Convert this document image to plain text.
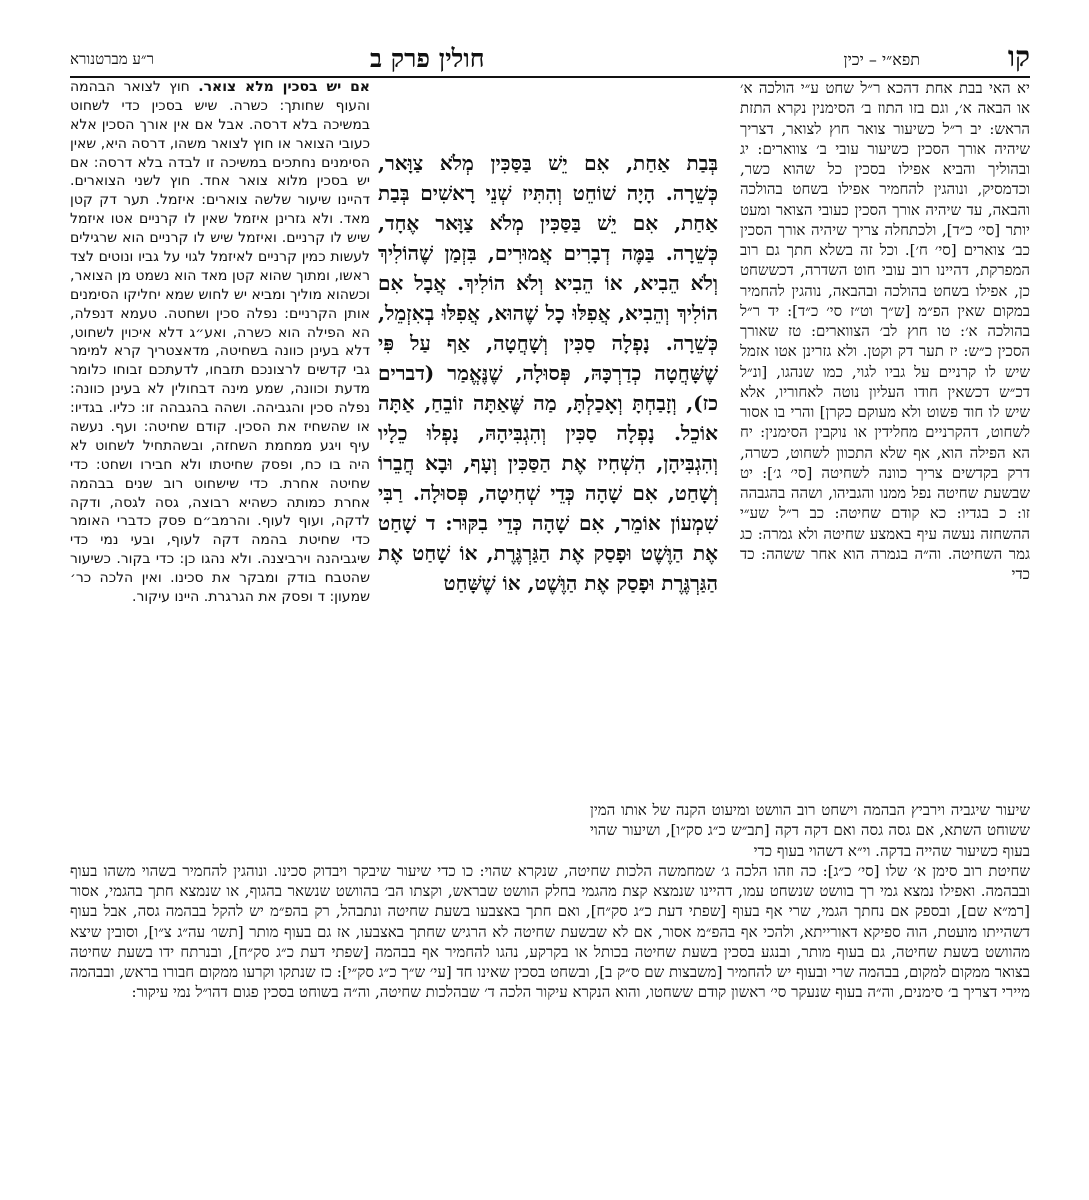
קו
תפא״י – יכין
חולין פרק ב
ר״ע מברטנורא

יא האי בבת אחת דהכא ר״ל שחט ע״י הולכה א׳ או הבאה א׳, וגם בזו התוז ב׳ הסימנין נקרא התזת הראש: יב ר״ל כשיעור צואר חוץ לצואר, דצריך שיהיה אורך הסכין כשיעור עובי ב׳ צווארים: יג ובהוליך והביא אפילו בסכין כל שהוא כשר, וכדמסיק, ונוהגין להחמיר אפילו בשחט בהולכה והבאה, עד שיהיה אורך הסכין כעובי הצואר ומעט יותר [סי׳ כ״ד], ולכתחלה צריך שיהיה אורך הסכין כב׳ צוארים [סי׳ ח׳]. וכל זה בשלא חתך גם רוב המפרקת, דהיינו רוב עובי חוט השדרה, דכששחט כן, אפילו בשחט בהולכה ובהבאה, נוהגין להחמיר במקום שאין הפ״מ [ש״ך וט״ז סי׳ כ״ד]: יד ר״ל בהולכה א׳: טו חוץ לב׳ הצווארים: טז שאורך הסכין כ״ש: יז תער דק וקטן. ולא גזרינן אטו אזמל שיש לו קרניים על גביו לגוי, כמו שנהגו, [ונ״ל דכ״ש דכשאין חודו העליון נוטה לאחוריו, אלא שיש לו חוד פשוט ולא מעוקם כקרן] והרי בו אסור לשחוט, דהקרניים מחלידין או נוקבין הסימנין: יח הא הפילה הוא, אף שלא התכוון לשחוט, כשרה, דרק בקדשים צריך כוונה לשחיטה [סי׳ ג׳]: יט שבשעת שחיטה נפל ממנו והגביהו, ושהה בהגבהה זו: כ בגדיו: כא קודם שחיטה: כב ר״ל שע״י ההשחזה נעשה עיף באמצע שחיטה ולא גמרה: כג גמר השחיטה. וה״ה בגמרה הוא אחר ששהה: כד כדי

בְּבַת אַחַת, אִם יֵשׁ בַּסַּכִּין מְלֹא צַוָּאר, כְּשֵׁרָה. הָיָה שׁוֹחֵט וְהִתִּיז שְׁנֵי רָאשִׁים בְּבַת אַחַת, אִם יֵשׁ בַּסַּכִּין מְלֹא צַוָּאר אֶחָד, כְּשֵׁרָה. בַּמֶּה דְבָרִים אֲמוּרִים, בִּזְמַן שֶׁהוֹלִיךְ וְלֹא הֵבִיא, אוֹ הֵבִיא וְלֹא הוֹלִיךְ. אֲבָל אִם הוֹלִיךְ וְהֵבִיא, אֲפִלּוּ כָל שֶׁהוּא, אֲפִלּוּ בְאִזְמֵל, כְּשֵׁרָה. נָפְלָה סַכִּין וְשָׁחֲטָה, אַף עַל פִּי שֶׁשָּׁחֲטָה כְדַרְכָּהּ, פְּסוּלָה, שֶׁנֶּאֱמַר (דברים כז), וְזָבַחְתָּ וְאָכַלְתָּ, מַה שֶּׁאַתָּה זוֹבֵחַ, אַתָּה אוֹכֵל. נָפְלָה סַכִּין וְהִגְבִּיהָהּ, נָפְלוּ כֵלָיו וְהִגְבִּיהָן, הִשְׁחִיז אֶת הַסַּכִּין וְעָף, וּבָא חֲבֵרוֹ וְשָׁחַט, אִם שָׁהָה כְּדֵי שְׁחִיטָה, פְּסוּלָה. רַבִּי שִׁמְעוֹן אוֹמֵר, אִם שָׁהָה כְּדֵי בִקּוּר: ד שָׁחַט אֶת הַוֶּשֶׁט וּפָסַק אֶת הַגַּרְגֶּרֶת, אוֹ שָׁחַט אֶת הַגַּרְגֶּרֶת וּפָסַק אֶת הַוֶּשֶׁט, אוֹ שֶׁשָּׁחַט

אם יש בסכין מלא צואר. חוץ לצואר הבהמה והעוף שחותך: כשרה. שיש בסכין כדי לשחוט במשיכה בלא דרסה. אבל אם אין אורך הסכין אלא כעובי הצואר או חוץ לצואר משהו, דרסה היא, שאין הסימנים נחתכים במשיכה זו לבדה בלא דרסה: אם יש בסכין מלוא צואר אחד. חוץ לשני הצוארים. דהיינו שיעור שלשה צוארים: איזמל. תער דק קטן מאד. ולא גזרינן איזמל שאין לו קרניים אטו איזמל שיש לו קרניים. ואיזמל שיש לו קרניים הוא שרגילים לעשות כמין קרניים לאיזמל לגוי על גביו ונוטים לצד ראשו, ומתוך שהוא קטן מאד הוא נשמט מן הצואר, וכשהוא מוליך ומביא יש לחוש שמא יחליקו הסימנים אותן הקרניים: נפלה סכין ושחטה. טעמא דנפלה, הא הפילה הוא כשרה, ואע״ג דלא איכוין לשחוט, דלא בעינן כוונה בשחיטה, מדאצטריך קרא למימר גבי קדשים לרצונכם תזבחו, לדעתכם זבוחו כלומר מדעת וכוונה, שמע מינה דבחולין לא בעינן כוונה: נפלה סכין והגביהה. ושהה בהגבהה זו: כליו. בגדיו: או שהשחיז את הסכין. קודם שחיטה: ועף. נעשה עיף ויגע ממחמת השחזה, ובשהתחיל לשחוט לא היה בו כח, ופסק שחיטתו ולא חבירו ושחט: כדי שחיטה אחרת. כדי שישחוט רוב שנים בבהמה אחרת כמותה כשהיא רבוצה, גסה לגסה, ודקה לדקה, ועוף לעוף. והרמב״ם פסק כדברי האומר כדי שחיטת בהמה דקה לעוף, ובעי נמי כדי שיגביהנה וירביצנה. ולא נהגו כן: כדי בקור. כשיעור שהטבח בודק ומבקר את סכינו. ואין הלכה כר׳ שמעון: ד ופסק את הגרגרת. היינו עיקור.

שיעור שיגביה וירביץ הבהמה וישחט רוב הוושט ומיעוט הקנה של אותו המין ששוחט השתא, אם גסה גסה ואם דקה דקה [תב״ש כ״ג סק״ו], ושיעור שהוי בעוף כשיעור שהייה בדקה. וי״א דשהוי בעוף כדי

שחיטת רוב סימן א׳ שלו [סי׳ כ״ג]: כה וזהו הלכה ג׳ שמחמשה הלכות שחיטה, שנקרא שהוי: כו כדי שיעור שיבקר ויבדוק סכינו. ונוהגין להחמיר בשהוי משהו בעוף ובבהמה. ואפילו נמצא גמי רך בוושט שנשחט עמו, דהיינו שנמצא קצת מהגמי בחלק הוושט שבראש, וקצתו הב׳ בהוושט שנשאר בהגוף, או שנמצא חתך בהגמי, אסור [רמ״א שם], ובספק אם נחתך הגמי, שרי אף בעוף [שפתי דעת כ״ג סק״ח], ואם חתך באצבעו בשעת שחיטה ונתבהל, רק בהפ״מ יש להקל בבהמה גסה, אבל בעוף דשהייתו מועטת, הוה ספיקא דאורייתא, ולהכי אף בהפ״מ אסור, אם לא שבשעת שחיטה לא הרגיש שחתך באצבעו, אז גם בעוף מותר [תשו׳ עה״ג צ״ו], וסובין שיצא מהוושט בשעת שחיטה, גם בעוף מותר, ובנגע בסכין בשעת שחיטה בכותל או בקרקע, נהגו להחמיר אף בבהמה [שפתי דעת כ״ג סק״ח], ובנרתח ידו בשעת שחיטה בצואר ממקום למקום, בבהמה שרי ובעוף יש להחמיר [משבצות שם ס״ק ב], ובשחט בסכין שאינו חד [עי׳ ש״ך כ״ג סק״י]: כז שנתקו וקרעו ממקום חבורו בראש, ובבהמה מיירי דצריך ב׳ סימנים, וה״ה בעוף שנעקר סי׳ ראשון קודם ששחטו, והוא הנקרא עיקור הלכה ד׳ שבהלכות שחיטה, וה״ה בשוחט בסכין פגום דהו״ל נמי עיקור:
